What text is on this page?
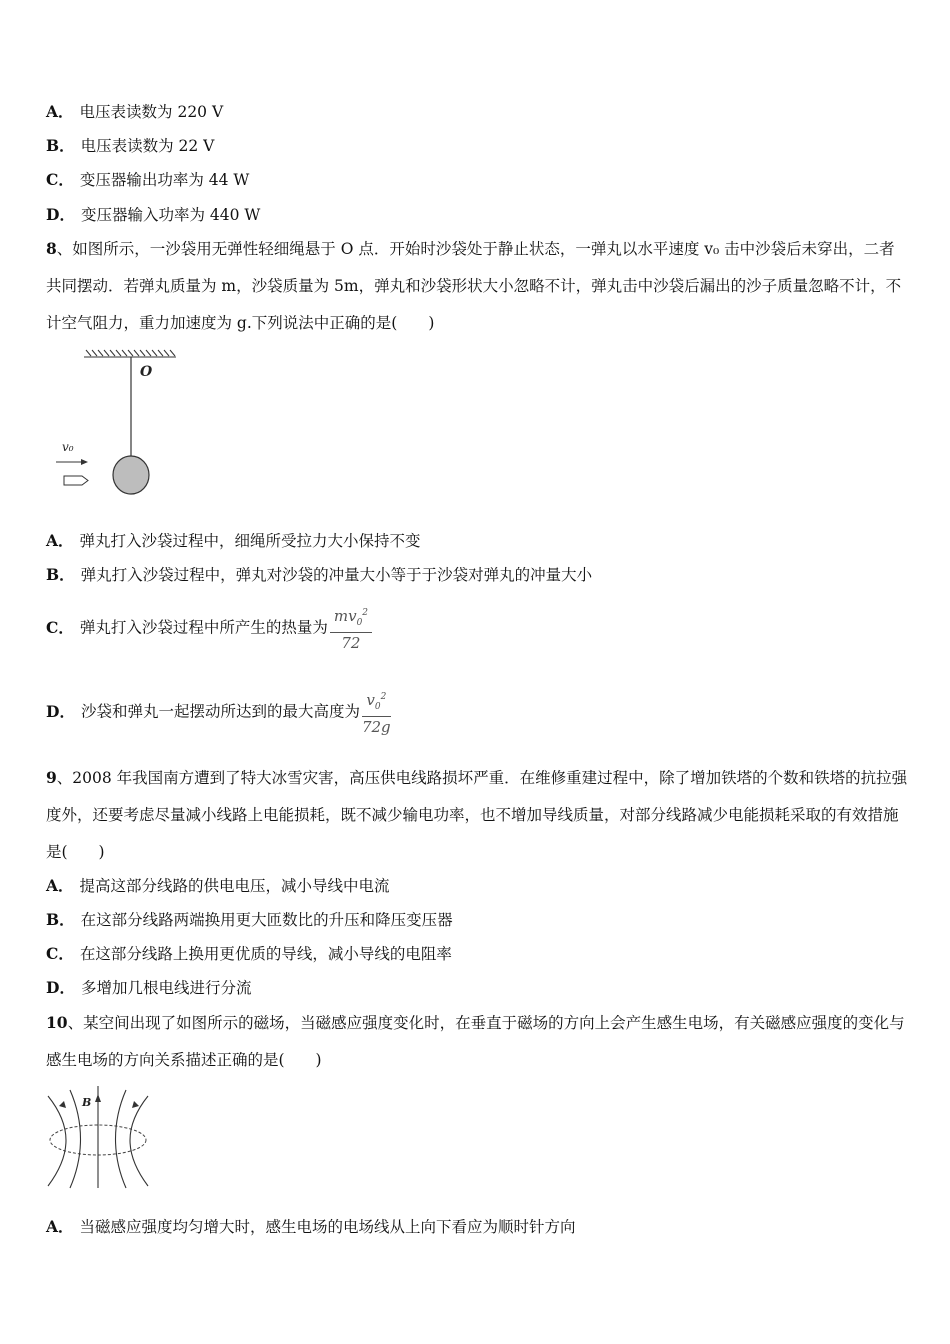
A． 电压表读数为 220 V
B． 电压表读数为 22 V
C． 变压器输出功率为 44 W
D． 变压器输入功率为 440 W
8、如图所示，一沙袋用无弹性轻细绳悬于 O 点．开始时沙袋处于静止状态，一弹丸以水平速度 v₀ 击中沙袋后未穿出，二者共同摆动．若弹丸质量为 m，沙袋质量为 5m，弹丸和沙袋形状大小忽略不计，弹丸击中沙袋后漏出的沙子质量忽略不计，不计空气阻力，重力加速度为 g.下列说法中正确的是(　　)
O
v₀
A． 弹丸打入沙袋过程中，细绳所受拉力大小保持不变
B． 弹丸打入沙袋过程中，弹丸对沙袋的冲量大小等于于沙袋对弹丸的冲量大小
C． 弹丸打入沙袋过程中所产生的热量为 $\frac{mv_0^2}{72}$
D． 沙袋和弹丸一起摆动所达到的最大高度为 $\frac{v_0^2}{72g}$
9、2008 年我国南方遭到了特大冰雪灾害，高压供电线路损坏严重．在维修重建过程中，除了增加铁塔的个数和铁塔的抗拉强度外，还要考虑尽量减小线路上电能损耗，既不减少输电功率，也不增加导线质量，对部分线路减少电能损耗采取的有效措施是(　　)
A． 提高这部分线路的供电电压，减小导线中电流
B． 在这部分线路两端换用更大匝数比的升压和降压变压器
C． 在这部分线路上换用更优质的导线，减小导线的电阻率
D． 多增加几根电线进行分流
10、某空间出现了如图所示的磁场，当磁感应强度变化时，在垂直于磁场的方向上会产生感生电场，有关磁感应强度的变化与感生电场的方向关系描述正确的是(　　)
B
A． 当磁感应强度均匀增大时，感生电场的电场线从上向下看应为顺时针方向
